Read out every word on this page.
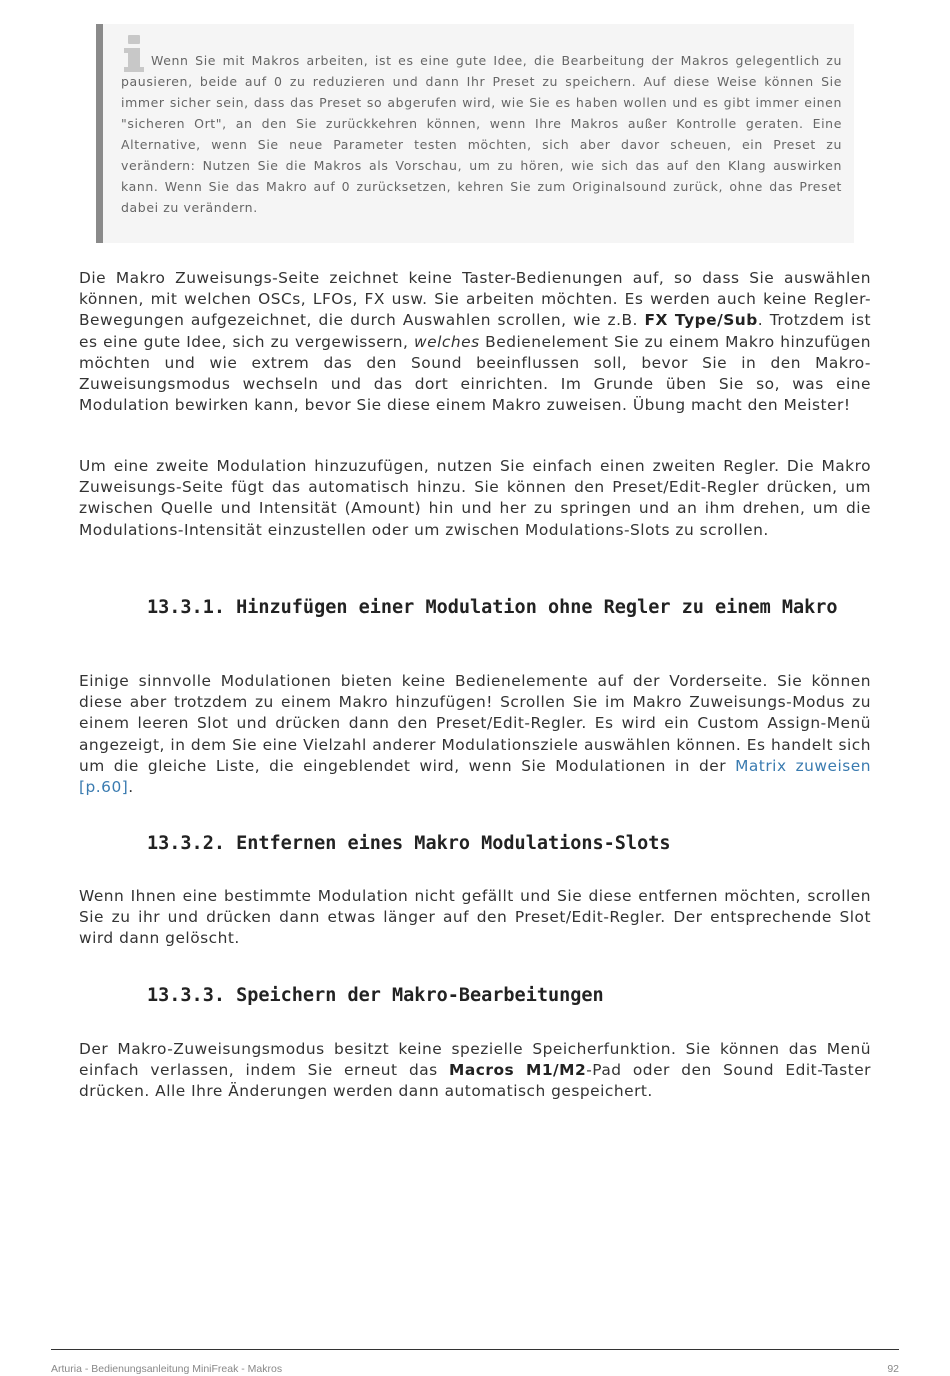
Wenn Sie mit Makros arbeiten, ist es eine gute Idee, die Bearbeitung der Makros gelegentlich zu pausieren, beide auf 0 zu reduzieren und dann Ihr Preset zu speichern. Auf diese Weise können Sie immer sicher sein, dass das Preset so abgerufen wird, wie Sie es haben wollen und es gibt immer einen "sicheren Ort", an den Sie zurückkehren können, wenn Ihre Makros außer Kontrolle geraten. Eine Alternative, wenn Sie neue Parameter testen möchten, sich aber davor scheuen, ein Preset zu verändern: Nutzen Sie die Makros als Vorschau, um zu hören, wie sich das auf den Klang auswirken kann. Wenn Sie das Makro auf 0 zurücksetzen, kehren Sie zum Originalsound zurück, ohne das Preset dabei zu verändern.

Die Makro Zuweisungs-Seite zeichnet keine Taster-Bedienungen auf, so dass Sie auswählen können, mit welchen OSCs, LFOs, FX usw. Sie arbeiten möchten. Es werden auch keine Regler-Bewegungen aufgezeichnet, die durch Auswahlen scrollen, wie z.B. FX Type/Sub. Trotzdem ist es eine gute Idee, sich zu vergewissern, welches Bedienelement Sie zu einem Makro hinzufügen möchten und wie extrem das den Sound beeinflussen soll, bevor Sie in den Makro-Zuweisungsmodus wechseln und das dort einrichten. Im Grunde üben Sie so, was eine Modulation bewirken kann, bevor Sie diese einem Makro zuweisen. Übung macht den Meister!

Um eine zweite Modulation hinzuzufügen, nutzen Sie einfach einen zweiten Regler. Die Makro Zuweisungs-Seite fügt das automatisch hinzu. Sie können den Preset/Edit-Regler drücken, um zwischen Quelle und Intensität (Amount) hin und her zu springen und an ihm drehen, um die Modulations-Intensität einzustellen oder um zwischen Modulations-Slots zu scrollen.

13.3.1. Hinzufügen einer Modulation ohne Regler zu einem Makro

Einige sinnvolle Modulationen bieten keine Bedienelemente auf der Vorderseite. Sie können diese aber trotzdem zu einem Makro hinzufügen! Scrollen Sie im Makro Zuweisungs-Modus zu einem leeren Slot und drücken dann den Preset/Edit-Regler. Es wird ein Custom Assign-Menü angezeigt, in dem Sie eine Vielzahl anderer Modulationsziele auswählen können. Es handelt sich um die gleiche Liste, die eingeblendet wird, wenn Sie Modulationen in der Matrix zuweisen [p.60].

13.3.2. Entfernen eines Makro Modulations-Slots

Wenn Ihnen eine bestimmte Modulation nicht gefällt und Sie diese entfernen möchten, scrollen Sie zu ihr und drücken dann etwas länger auf den Preset/Edit-Regler. Der entsprechende Slot wird dann gelöscht.

13.3.3. Speichern der Makro-Bearbeitungen

Der Makro-Zuweisungsmodus besitzt keine spezielle Speicherfunktion. Sie können das Menü einfach verlassen, indem Sie erneut das Macros M1/M2-Pad oder den Sound Edit-Taster drücken. Alle Ihre Änderungen werden dann automatisch gespeichert.

Arturia - Bedienungsanleitung MiniFreak - Makros	92
